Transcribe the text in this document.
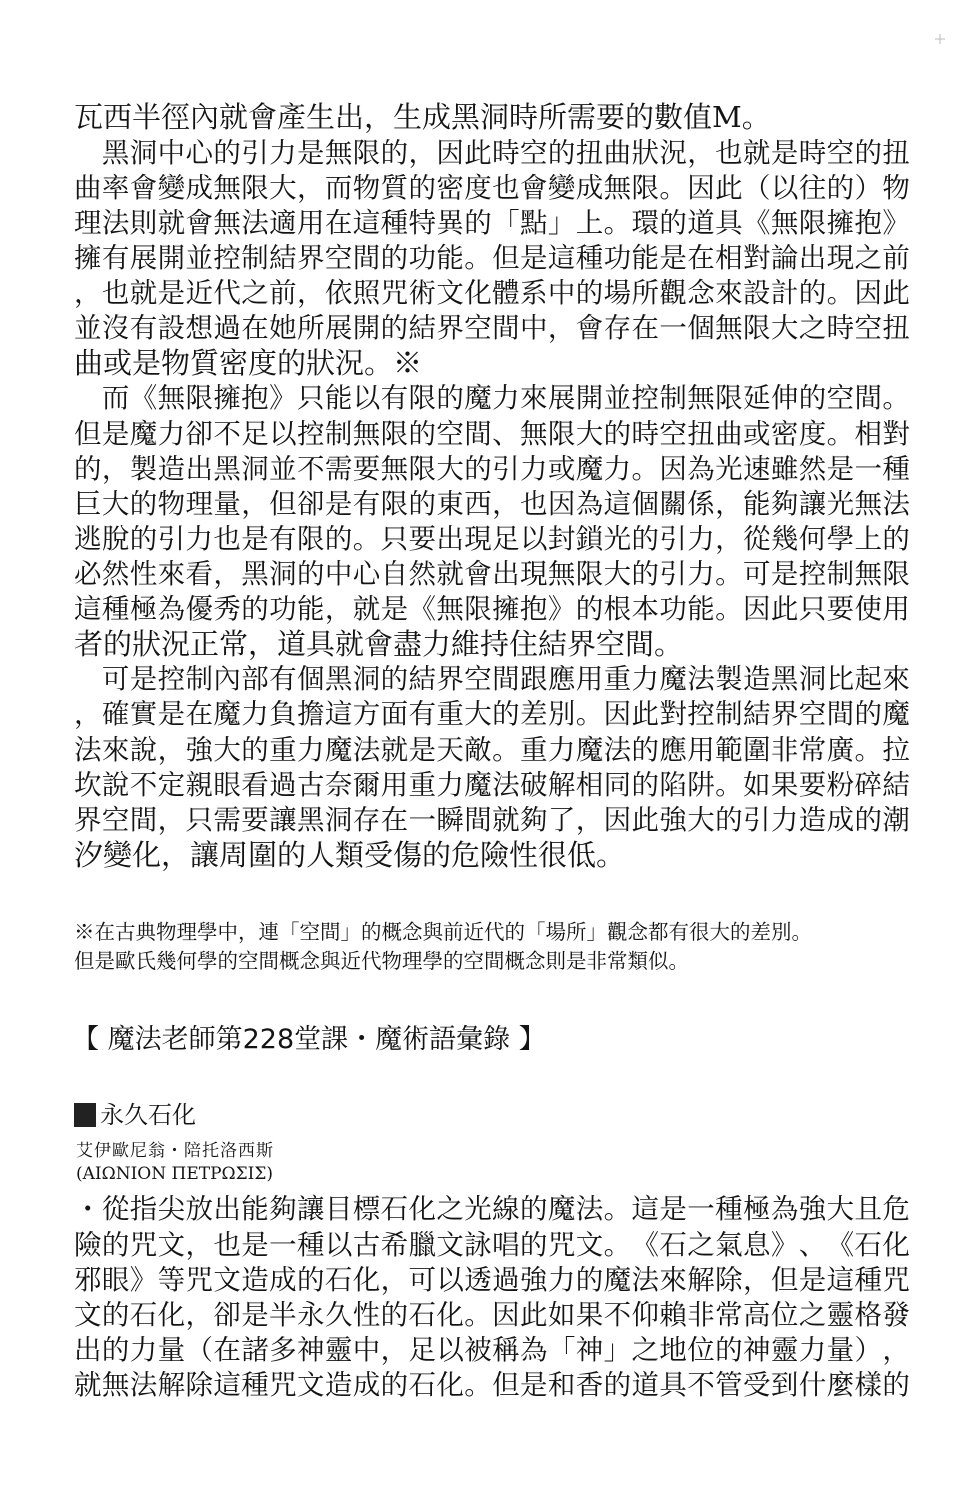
瓦西半徑內就會產生出，生成黑洞時所需要的數值M。

黑 洞 中 心 的 引 力 是 無 限 的 ， 因 此 時 空 的 扭 曲 狀 況 ， 也 就 是 時 空 的 扭
曲 率 會 變 成 無 限 大 ， 而 物 質 的 密 度 也 會 變 成 無 限 。 因 此 （ 以 往 的 ） 物
理 法 則 就 會 無 法 適 用 在 這 種 特 異 的 「 點 」 上 。 環 的 道 具 《 無 限 擁 抱 》
擁 有 展 開 並 控 制 結 界 空 間 的 功 能 。 但 是 這 種 功 能 是 在 相 對 論 出 現 之 前
， 也 就 是 近 代 之 前 ， 依 照 咒 術 文 化 體 系 中 的 場 所 觀 念 來 設 計 的 。 因 此
並 沒 有 設 想 過 在 她 所 展 開 的 結 界 空 間 中 ， 會 存 在 一 個 無 限 大 之 時 空 扭
曲或是物質密度的狀況。※

而 《 無 限 擁 抱 》 只 能 以 有 限 的 魔 力 來 展 開 並 控 制 無 限 延 伸 的 空 間 。
但 是 魔 力 卻 不 足 以 控 制 無 限 的 空 間 、 無 限 大 的 時 空 扭 曲 或 密 度 。 相 對
的 ， 製 造 出 黑 洞 並 不 需 要 無 限 大 的 引 力 或 魔 力 。 因 為 光 速 雖 然 是 一 種
巨 大 的 物 理 量 ， 但 卻 是 有 限 的 東 西 ， 也 因 為 這 個 關 係 ， 能 夠 讓 光 無 法
逃 脫 的 引 力 也 是 有 限 的 。 只 要 出 現 足 以 封 鎖 光 的 引 力 ， 從 幾 何 學 上 的
必 然 性 來 看 ， 黑 洞 的 中 心 自 然 就 會 出 現 無 限 大 的 引 力 。 可 是 控 制 無 限
這 種 極 為 優 秀 的 功 能 ， 就 是 《 無 限 擁 抱 》 的 根 本 功 能 。 因 此 只 要 使 用
者的狀況正常，道具就會盡力維持住結界空間。

可 是 控 制 內 部 有 個 黑 洞 的 結 界 空 間 跟 應 用 重 力 魔 法 製 造 黑 洞 比 起 來
， 確 實 是 在 魔 力 負 擔 這 方 面 有 重 大 的 差 別 。 因 此 對 控 制 結 界 空 間 的 魔
法 來 說 ， 強 大 的 重 力 魔 法 就 是 天 敵 。 重 力 魔 法 的 應 用 範 圍 非 常 廣 。 拉
坎 說 不 定 親 眼 看 過 古 奈 爾 用 重 力 魔 法 破 解 相 同 的 陷 阱 。 如 果 要 粉 碎 結
界 空 間 ， 只 需 要 讓 黑 洞 存 在 一 瞬 間 就 夠 了 ， 因 此 強 大 的 引 力 造 成 的 潮
汐變化，讓周圍的人類受傷的危險性很低。
※在古典物理學中，連「空間」的概念與前近代的「場所」觀念都有很大的差別。
但是歐氏幾何學的空間概念與近代物理學的空間概念則是非常類似。
【 魔法老師第228堂課・魔術語彙錄 】
永久石化
艾伊歐尼翁・陪托洛西斯
(ΑΙΩΝΙΟΝ ΠΕΤΡΩΣΙΣ)
・ 從 指 尖 放 出 能 夠 讓 目 標 石 化 之 光 線 的 魔 法 。 這 是 一 種 極 為 強 大 且 危
險 的 咒 文 ， 也 是 一 種 以 古 希 臘 文 詠 唱 的 咒 文 。 《 石 之 氣 息 》 、 《 石 化
邪 眼 》 等 咒 文 造 成 的 石 化 ， 可 以 透 過 強 力 的 魔 法 來 解 除 ， 但 是 這 種 咒
文 的 石 化 ， 卻 是 半 永 久 性 的 石 化 。 因 此 如 果 不 仰 賴 非 常 高 位 之 靈 格 發
出 的 力 量 （ 在 諸 多 神 靈 中 ， 足 以 被 稱 為 「 神 」 之 地 位 的 神 靈 力 量 ） ，
就 無 法 解 除 這 種 咒 文 造 成 的 石 化 。 但 是 和 香 的 道 具 不 管 受 到 什 麼 樣 的
